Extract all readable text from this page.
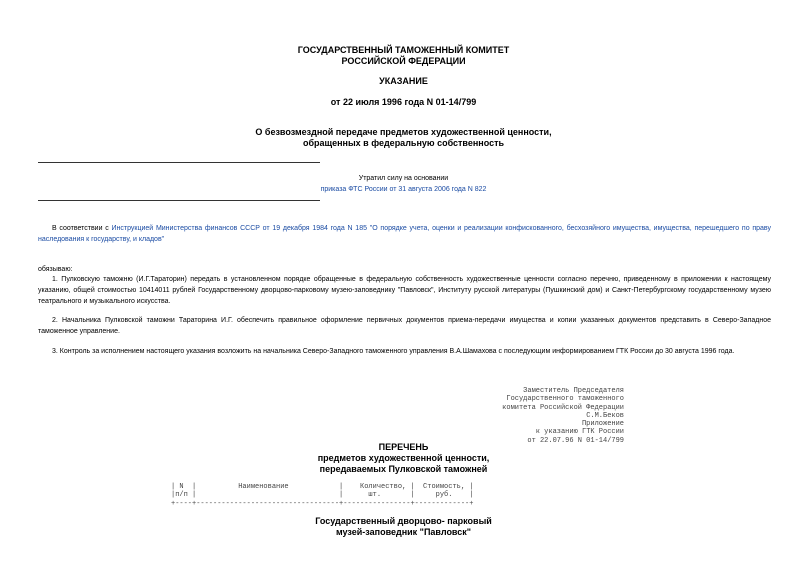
ГОСУДАРСТВЕННЫЙ ТАМОЖЕННЫЙ КОМИТЕТ
РОССИЙСКОЙ ФЕДЕРАЦИИ
УКАЗАНИЕ
от 22 июля 1996 года N 01-14/799
О безвозмездной передаче предметов художественной ценности,
обращенных в федеральную собственность
Утратил силу на основании
приказа ФТС России от 31 августа 2006 года N 822
В соответствии с Инструкцией Министерства финансов СССР от 19 декабря 1984 года N 185 "О порядке учета, оценки и реализации конфискованного, бесхозяйного имущества, имущества, перешедшего по праву наследования к государству, и кладов"
обязываю:
1. Пулковскую таможню (И.Г.Тараторин) передать в установленном порядке обращенные в федеральную собственность художественные ценности согласно перечню, приведенному в приложении к настоящему указанию, общей стоимостью 10414011 рублей Государственному дворцово-парковому музею-заповеднику "Павловск", Институту русской литературы (Пушкинский дом) и Санкт-Петербургскому государственному музею театрального и музыкального искусства.
2. Начальника Пулковской таможни Тараторина И.Г. обеспечить правильное оформление первичных документов приема-передачи имущества и копии указанных документов представить в Северо-Западное таможенное управление.
3. Контроль за исполнением настоящего указания возложить на начальника Северо-Западного таможенного управления В.А.Шамахова с последующим информированием ГТК России до 30 августа 1996 года.
Заместитель Председателя
Государственного таможенного
комитета Российской Федерации
С.М.Беков
Приложение
к указанию ГТК России
от 22.07.96 N 01-14/799
ПЕРЕЧЕНЬ
предметов художественной ценности,
передаваемых Пулковской таможней
| N  |          Наименование            |    Количество, |  Стоимость, |
|п/п |                                  |      шт.       |     руб.    |
+----+----------------------------------+----------------+-------------+
Государственный дворцово- парковый
музей-заповедник "Павловск"
